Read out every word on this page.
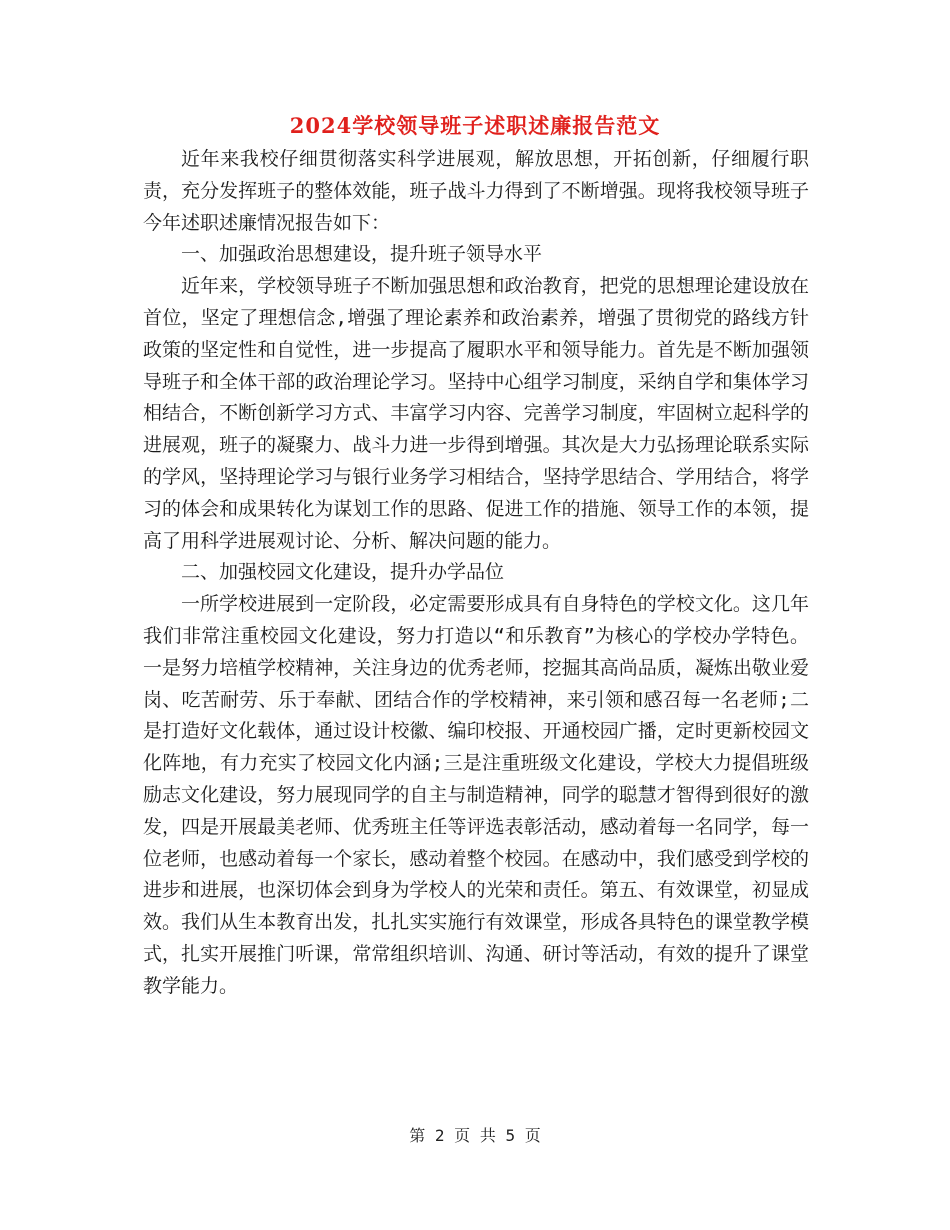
2024学校领导班子述职述廉报告范文

近年来我校仔细贯彻落实科学进展观，解放思想，开拓创新，仔细履行职责，充分发挥班子的整体效能，班子战斗力得到了不断增强。现将我校领导班子今年述职述廉情况报告如下：

一、加强政治思想建设，提升班子领导水平

近年来，学校领导班子不断加强思想和政治教育，把党的思想理论建设放在首位，坚定了理想信念,增强了理论素养和政治素养，增强了贯彻党的路线方针政策的坚定性和自觉性，进一步提高了履职水平和领导能力。首先是不断加强领导班子和全体干部的政治理论学习。坚持中心组学习制度，采纳自学和集体学习相结合，不断创新学习方式、丰富学习内容、完善学习制度，牢固树立起科学的进展观，班子的凝聚力、战斗力进一步得到增强。其次是大力弘扬理论联系实际的学风，坚持理论学习与银行业务学习相结合，坚持学思结合、学用结合，将学习的体会和成果转化为谋划工作的思路、促进工作的措施、领导工作的本领，提高了用科学进展观讨论、分析、解决问题的能力。

二、加强校园文化建设，提升办学品位

一所学校进展到一定阶段，必定需要形成具有自身特色的学校文化。这几年我们非常注重校园文化建设，努力打造以“和乐教育”为核心的学校办学特色。一是努力培植学校精神，关注身边的优秀老师，挖掘其高尚品质，凝炼出敬业爱岗、吃苦耐劳、乐于奉献、团结合作的学校精神，来引领和感召每一名老师;二是打造好文化载体，通过设计校徽、编印校报、开通校园广播，定时更新校园文化阵地，有力充实了校园文化内涵;三是注重班级文化建设，学校大力提倡班级励志文化建设，努力展现同学的自主与制造精神，同学的聪慧才智得到很好的激发，四是开展最美老师、优秀班主任等评选表彰活动，感动着每一名同学，每一位老师，也感动着每一个家长，感动着整个校园。在感动中，我们感受到学校的进步和进展，也深切体会到身为学校人的光荣和责任。第五、有效课堂，初显成效。我们从生本教育出发，扎扎实实施行有效课堂，形成各具特色的课堂教学模式，扎实开展推门听课，常常组织培训、沟通、研讨等活动，有效的提升了课堂教学能力。

第 2 页 共 5 页
